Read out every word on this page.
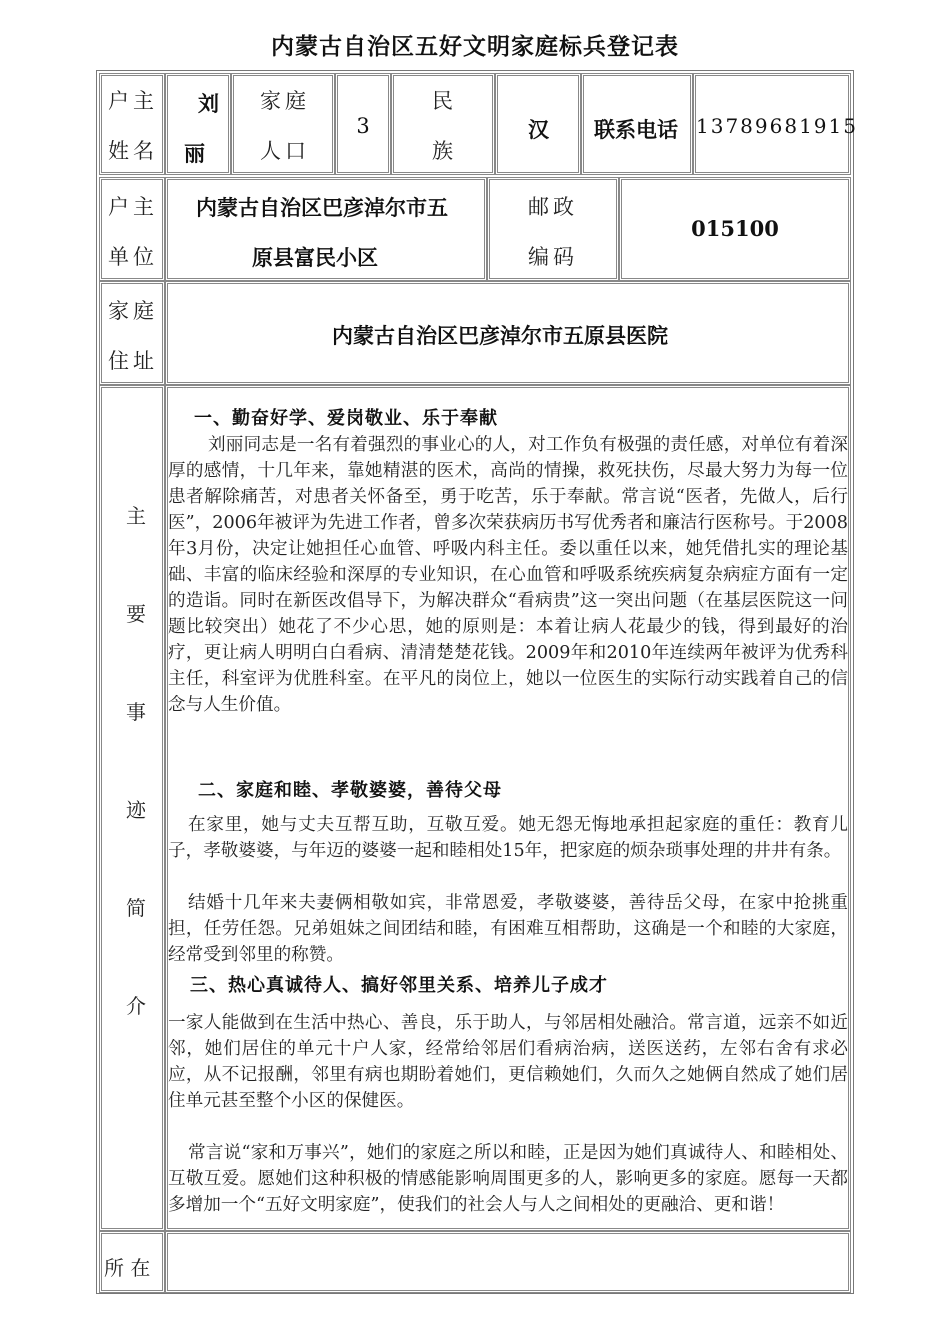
内蒙古自治区五好文明家庭标兵登记表
户主
姓名
刘
丽
家庭
人口
3
民
族
汉 联系电话 13789681915
户主
单位
内蒙古自治区巴彦淖尔市五
原县富民小区
邮政
编码
015100
家庭
住址
内蒙古自治区巴彦淖尔市五原县医院
主
要
事
迹
简
介
一、勤奋好学、爱岗敬业、乐于奉献
刘丽同志是一名有着强烈的事业心的人，对工作负有极强的责任感，对单位有着深厚的感情，十几年来，靠她精湛的医术，高尚的情操，救死扶伤，尽最大努力为每一位患者解除痛苦，对患者关怀备至，勇于吃苦，乐于奉献。常言说“医者，先做人，后行医”，2006年被评为先进工作者，曾多次荣获病历书写优秀者和廉洁行医称号。于2008年3月份，决定让她担任心血管、呼吸内科主任。委以重任以来，她凭借扎实的理论基础、丰富的临床经验和深厚的专业知识，在心血管和呼吸系统疾病复杂病症方面有一定的造诣。同时在新医改倡导下，为解决群众“看病贵”这一突出问题（在基层医院这一问题比较突出）她花了不少心思，她的原则是：本着让病人花最少的钱，得到最好的治疗，更让病人明明白白看病、清清楚楚花钱。2009年和2010年连续两年被评为优秀科主任，科室评为优胜科室。在平凡的岗位上，她以一位医生的实际行动实践着自己的信念与人生价值。
二、家庭和睦、孝敬婆婆，善待父母
在家里，她与丈夫互帮互助，互敬互爱。她无怨无悔地承担起家庭的重任：教育儿子，孝敬婆婆，与年迈的婆婆一起和睦相处15年，把家庭的烦杂琐事处理的井井有条。
结婚十几年来夫妻俩相敬如宾，非常恩爱，孝敬婆婆，善待岳父母，在家中抢挑重担，任劳任怨。兄弟姐妹之间团结和睦，有困难互相帮助，这确是一个和睦的大家庭，经常受到邻里的称赞。
三、热心真诚待人、搞好邻里关系、培养儿子成才
一家人能做到在生活中热心、善良，乐于助人，与邻居相处融洽。常言道，远亲不如近邻，她们居住的单元十户人家，经常给邻居们看病治病，送医送药，左邻右舍有求必应，从不记报酬，邻里有病也期盼着她们，更信赖她们，久而久之她俩自然成了她们居住单元甚至整个小区的保健医。
常言说“家和万事兴”，她们的家庭之所以和睦，正是因为她们真诚待人、和睦相处、互敬互爱。愿她们这种积极的情感能影响周围更多的人，影响更多的家庭。愿每一天都多增加一个“五好文明家庭”，使我们的社会人与人之间相处的更融洽、更和谐！
所 在
